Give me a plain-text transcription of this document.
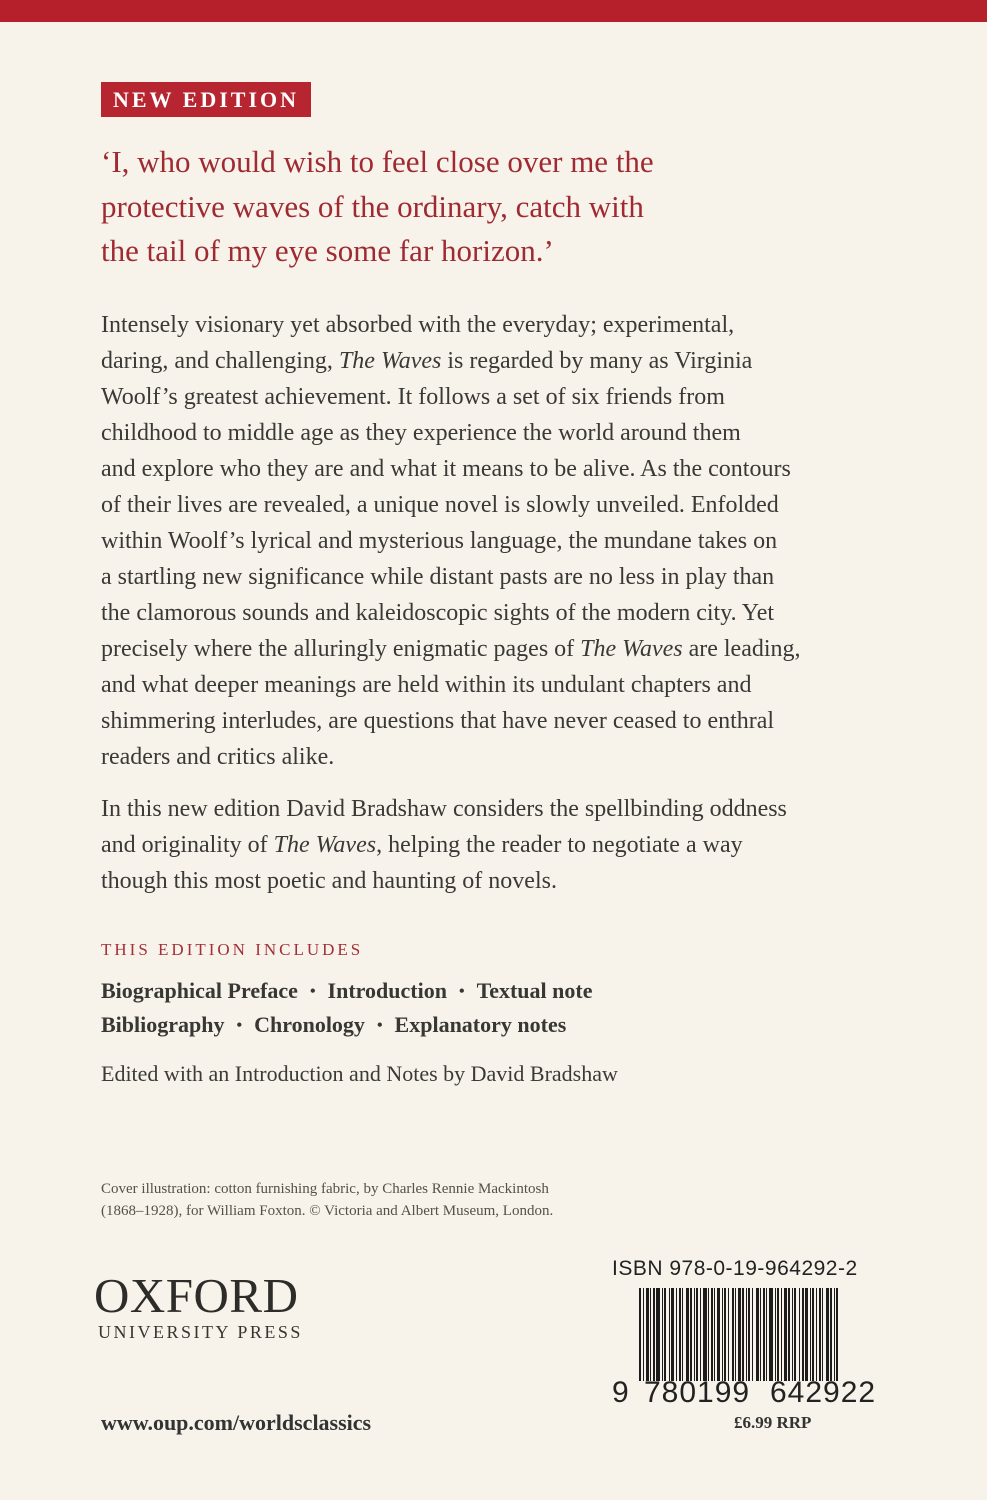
NEW EDITION
‘I, who would wish to feel close over me the
protective waves of the ordinary, catch with
the tail of my eye some far horizon.’
Intensely visionary yet absorbed with the everyday; experimental,
daring, and challenging, The Waves is regarded by many as Virginia
Woolf’s greatest achievement. It follows a set of six friends from
childhood to middle age as they experience the world around them
and explore who they are and what it means to be alive. As the contours
of their lives are revealed, a unique novel is slowly unveiled. Enfolded
within Woolf’s lyrical and mysterious language, the mundane takes on
a startling new significance while distant pasts are no less in play than
the clamorous sounds and kaleidoscopic sights of the modern city. Yet
precisely where the alluringly enigmatic pages of The Waves are leading,
and what deeper meanings are held within its undulant chapters and
shimmering interludes, are questions that have never ceased to enthral
readers and critics alike.
In this new edition David Bradshaw considers the spellbinding oddness
and originality of The Waves, helping the reader to negotiate a way
though this most poetic and haunting of novels.
THIS EDITION INCLUDES
Biographical Preface • Introduction • Textual note
Bibliography • Chronology • Explanatory notes
Edited with an Introduction and Notes by David Bradshaw
Cover illustration: cotton furnishing fabric, by Charles Rennie Mackintosh
(1868–1928), for William Foxton. © Victoria and Albert Museum, London.
OXFORD
UNIVERSITY PRESS
www.oup.com/worldsclassics
ISBN 978-0-19-964292-2
9 780199 642922
£6.99 RRP
